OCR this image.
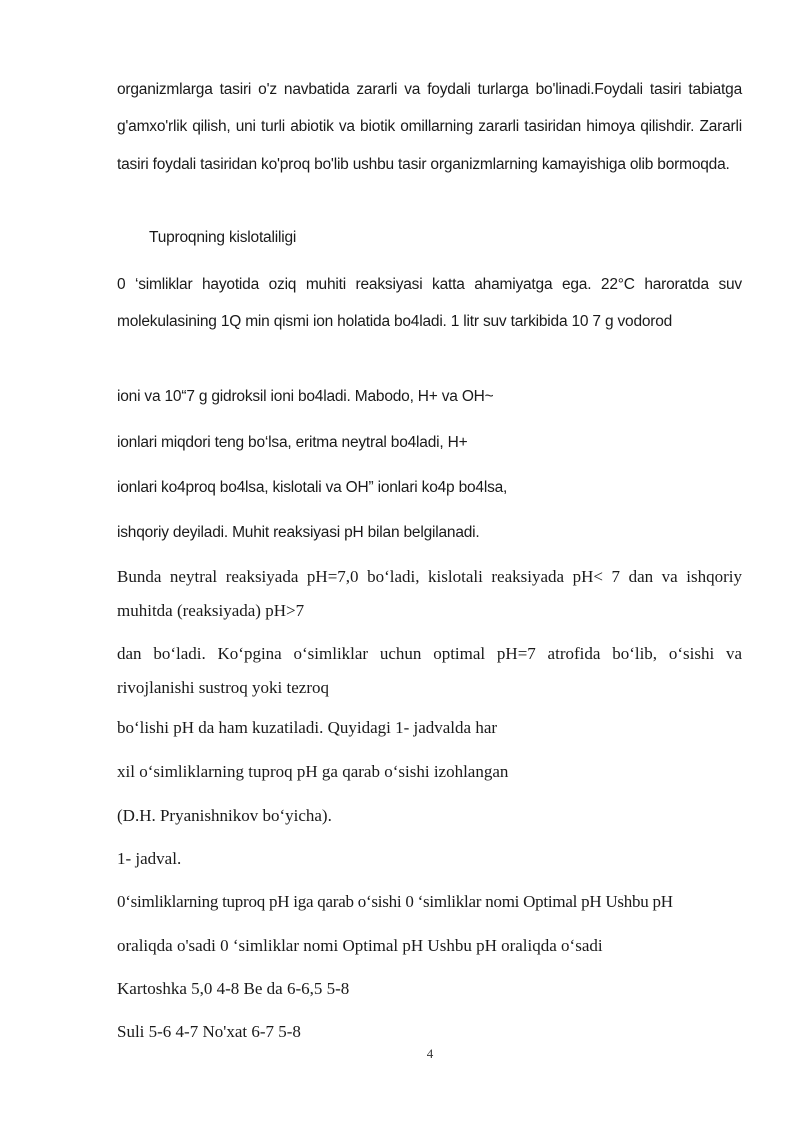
organizmlarga tasiri o'z navbatida zararli va foydali turlarga bo'linadi.Foydali tasiri tabiatga g'amxo'rlik qilish, uni turli abiotik va biotik omillarning zararli tasiridan himoya qilishdir. Zararli tasiri foydali tasiridan ko'proq bo'lib ushbu tasir organizmlarning kamayishiga olib bormoqda.

Tuproqning kislotaliligi

0 ‘simliklar hayotida oziq muhiti reaksiyasi katta ahamiyatga ega. 22°C haroratda suv molekulasining 1Q min qismi ion holatida bo4ladi. 1 litr suv tarkibida 10 7 g vodorod

ioni va 10“7 g gidroksil ioni bo4ladi. Mabodo, H+ va OH~

ionlari miqdori teng bo‘lsa, eritma neytral bo4ladi, H+

ionlari ko4proq bo4lsa, kislotali va OH” ionlari ko4p bo4lsa,

ishqoriy deyiladi. Muhit reaksiyasi pH bilan belgilanadi.

Bunda neytral reaksiyada pH=7,0 bo‘ladi, kislotali reaksiyada pH< 7 dan va ishqoriy muhitda (reaksiyada) pH>7

dan bo‘ladi. Ko‘pgina o‘simliklar uchun optimal pH=7 atrofida bo‘lib, o‘sishi va rivojlanishi sustroq yoki tezroq

bo‘lishi pH da ham kuzatiladi. Quyidagi 1- jadvalda har

xil o‘simliklarning tuproq pH ga qarab o‘sishi izohlangan

(D.H. Pryanishnikov bo‘yicha).

1- jadval.

0‘simliklarning tuproq pH iga qarab o‘sishi 0 ‘simliklar nomi Optimal pH Ushbu pH

oraliqda o'sadi 0 ‘simliklar nomi Optimal pH Ushbu pH oraliqda o‘sadi

Kartoshka 5,0 4-8 Be da 6-6,5 5-8

Suli 5-6 4-7 No'xat 6-7 5-8

4
